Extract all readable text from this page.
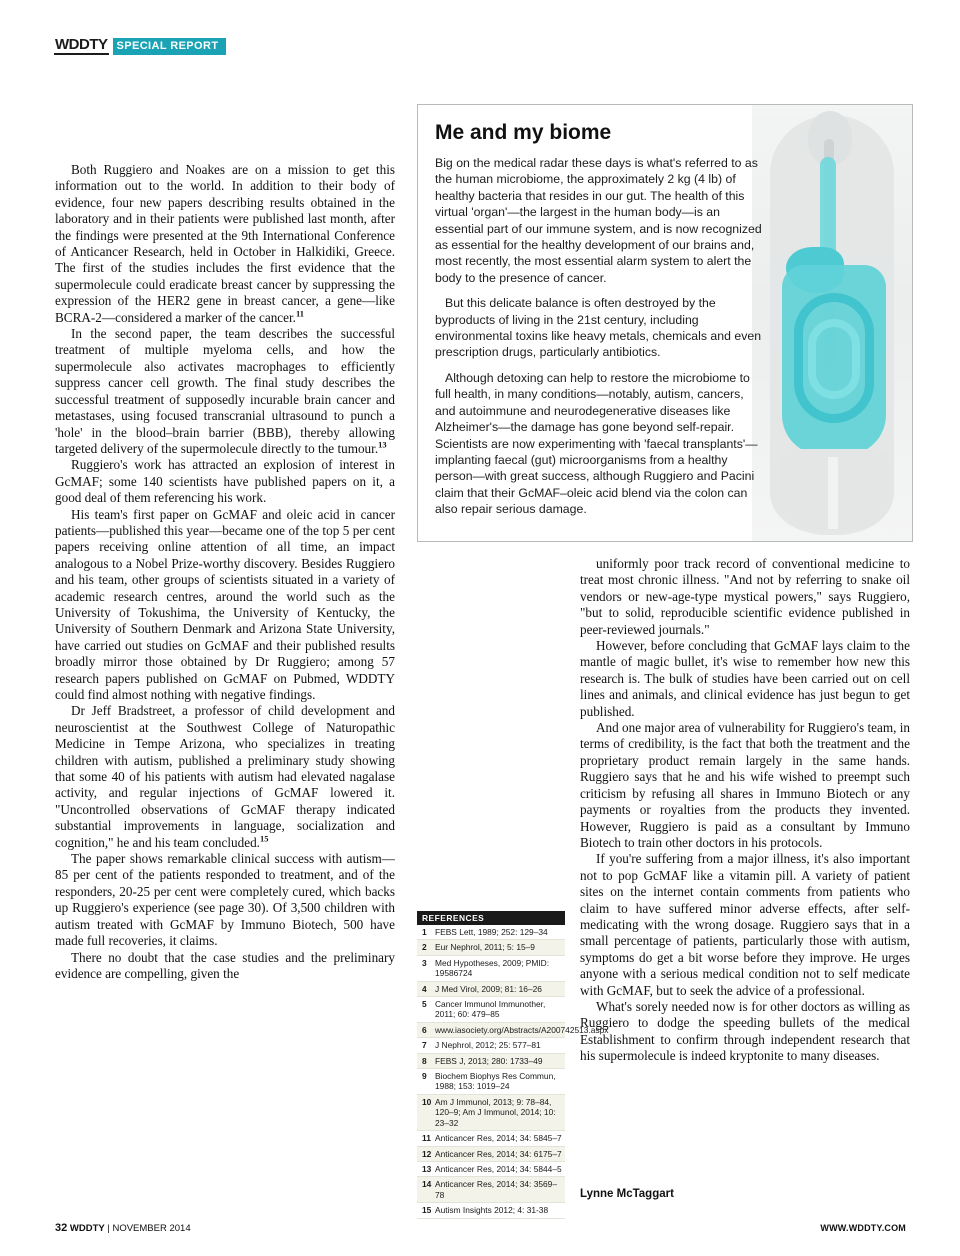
WDDTY SPECIAL REPORT

Both Ruggiero and Noakes are on a mission to get this information out to the world. In addition to their body of evidence, four new papers describing results obtained in the laboratory and in their patients were published last month, after the findings were presented at the 9th International Conference of Anticancer Research, held in October in Halkidiki, Greece. The first of the studies includes the first evidence that the supermolecule could eradicate breast cancer by suppressing the expression of the HER2 gene in breast cancer, a gene—like BCRA-2—considered a marker of the cancer.$^{11}$

In the second paper, the team describes the successful treatment of multiple myeloma cells, and how the supermolecule also activates macrophages to efficiently suppress cancer cell growth. The final study describes the successful treatment of supposedly incurable brain cancer and metastases, using focused transcranial ultrasound to punch a 'hole' in the blood–brain barrier (BBB), thereby allowing targeted delivery of the supermolecule directly to the tumour.$^{13}$

Ruggiero's work has attracted an explosion of interest in GcMAF; some 140 scientists have published papers on it, a good deal of them referencing his work.

His team's first paper on GcMAF and oleic acid in cancer patients—published this year—became one of the top 5 per cent papers receiving online attention of all time, an impact analogous to a Nobel Prize-worthy discovery. Besides Ruggiero and his team, other groups of scientists situated in a variety of academic research centres, around the world such as the University of Tokushima, the University of Kentucky, the University of Southern Denmark and Arizona State University, have carried out studies on GcMAF and their published results broadly mirror those obtained by Dr Ruggiero; among 57 research papers published on GcMAF on Pubmed, WDDTY could find almost nothing with negative findings.

Dr Jeff Bradstreet, a professor of child development and neuroscientist at the Southwest College of Naturopathic Medicine in Tempe Arizona, who specializes in treating children with autism, published a preliminary study showing that some 40 of his patients with autism had elevated nagalase activity, and regular injections of GcMAF lowered it. "Uncontrolled observations of GcMAF therapy indicated substantial improvements in language, socialization and cognition," he and his team concluded.$^{15}$

The paper shows remarkable clinical success with autism—85 per cent of the patients responded to treatment, and of the responders, 20-25 per cent were completely cured, which backs up Ruggiero's experience (see page 30). Of 3,500 children with autism treated with GcMAF by Immuno Biotech, 500 have made full recoveries, it claims.

There no doubt that the case studies and the preliminary evidence are compelling, given the

Me and my biome

Big on the medical radar these days is what's referred to as the human microbiome, the approximately 2 kg (4 lb) of healthy bacteria that resides in our gut. The health of this virtual 'organ'—the largest in the human body—is an essential part of our immune system, and is now recognized as essential for the healthy development of our brains and, most recently, the most essential alarm system to alert the body to the presence of cancer.

But this delicate balance is often destroyed by the byproducts of living in the 21st century, including environmental toxins like heavy metals, chemicals and even prescription drugs, particularly antibiotics.

Although detoxing can help to restore the microbiome to full health, in many conditions—notably, autism, cancers, and autoimmune and neurodegenerative diseases like Alzheimer's—the damage has gone beyond self-repair. Scientists are now experimenting with 'faecal transplants'—implanting faecal (gut) microorganisms from a healthy person—with great success, although Ruggiero and Pacini claim that their GcMAF–oleic acid blend via the colon can also repair serious damage.

uniformly poor track record of conventional medicine to treat most chronic illness. "And not by referring to snake oil vendors or new-age-type mystical powers," says Ruggiero, "but to solid, reproducible scientific evidence published in peer-reviewed journals."

However, before concluding that GcMAF lays claim to the mantle of magic bullet, it's wise to remember how new this research is. The bulk of studies have been carried out on cell lines and animals, and clinical evidence has just begun to get published.

And one major area of vulnerability for Ruggiero's team, in terms of credibility, is the fact that both the treatment and the proprietary product remain largely in the same hands. Ruggiero says that he and his wife wished to preempt such criticism by refusing all shares in Immuno Biotech or any payments or royalties from the products they invented. However, Ruggiero is paid as a consultant by Immuno Biotech to train other doctors in his protocols.

If you're suffering from a major illness, it's also important not to pop GcMAF like a vitamin pill. A variety of patient sites on the internet contain comments from patients who claim to have suffered minor adverse effects, after self-medicating with the wrong dosage. Ruggiero says that in a small percentage of patients, particularly those with autism, symptoms do get a bit worse before they improve. He urges anyone with a serious medical condition not to self medicate with GcMAF, but to seek the advice of a professional.

What's sorely needed now is for other doctors as willing as Ruggiero to dodge the speeding bullets of the medical Establishment to confirm through independent research that his supermolecule is indeed kryptonite to many diseases.

Lynne McTaggart
REFERENCES
1 FEBS Lett, 1989; 252: 129–34
2 Eur Nephrol, 2011; 5: 15–9
3 Med Hypotheses, 2009; PMID: 19586724
4 J Med Virol, 2009; 81: 16–26
5 Cancer Immunol Immunother, 2011; 60: 479–85
6 www.iasociety.org/Abstracts/A200742513.aspx
7 J Nephrol, 2012; 25: 577–81
8 FEBS J, 2013; 280: 1733–49
9 Biochem Biophys Res Commun, 1988; 153: 1019–24
10 Am J Immunol, 2013; 9: 78–84, 120–9; Am J Immunol, 2014; 10: 23–32
11 Anticancer Res, 2014; 34: 5845–7
12 Anticancer Res, 2014; 34: 6175–7
13 Anticancer Res, 2014; 34: 5844–5
14 Anticancer Res, 2014; 34: 3569–78
15 Autism Insights 2012; 4: 31-38
32 WDDTY | NOVEMBER 2014	WWW.WDDTY.COM
